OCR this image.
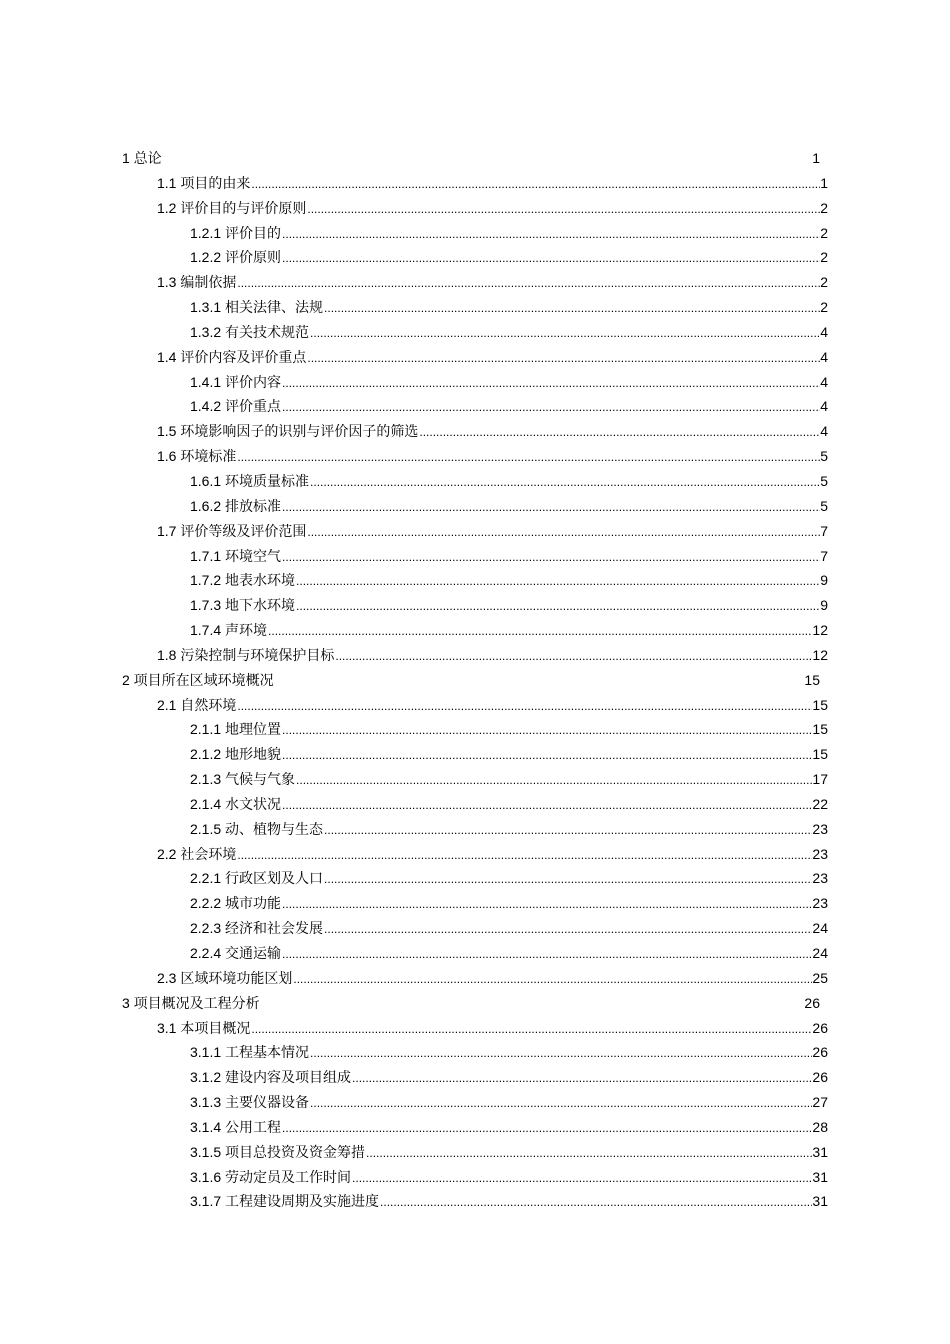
1 总论	1
1.1 项目的由来 .....	1
1.2 评价目的与评价原则 .....	2
1.2.1 评价目的 .....	2
1.2.2 评价原则 .....	2
1.3 编制依据 .....	2
1.3.1 相关法律、法规 .....	2
1.3.2 有关技术规范 .....	4
1.4 评价内容及评价重点 .....	4
1.4.1 评价内容 .....	4
1.4.2 评价重点 .....	4
1.5 环境影响因子的识别与评价因子的筛选 .....	4
1.6 环境标准 .....	5
1.6.1 环境质量标准 .....	5
1.6.2 排放标准 .....	5
1.7 评价等级及评价范围 .....	7
1.7.1 环境空气 .....	7
1.7.2 地表水环境 .....	9
1.7.3 地下水环境 .....	9
1.7.4 声环境 .....	12
1.8 污染控制与环境保护目标 .....	12
2 项目所在区域环境概况	15
2.1 自然环境 .....	15
2.1.1 地理位置 .....	15
2.1.2 地形地貌 .....	15
2.1.3 气候与气象 .....	17
2.1.4 水文状况 .....	22
2.1.5 动、植物与生态 .....	23
2.2 社会环境 .....	23
2.2.1 行政区划及人口 .....	23
2.2.2 城市功能 .....	23
2.2.3 经济和社会发展 .....	24
2.2.4 交通运输 .....	24
2.3 区域环境功能区划 .....	25
3 项目概况及工程分析	26
3.1 本项目概况 .....	26
3.1.1 工程基本情况 .....	26
3.1.2 建设内容及项目组成 .....	26
3.1.3 主要仪器设备 .....	27
3.1.4 公用工程 .....	28
3.1.5 项目总投资及资金筹措 .....	31
3.1.6 劳动定员及工作时间 .....	31
3.1.7 工程建设周期及实施进度 .....	31
